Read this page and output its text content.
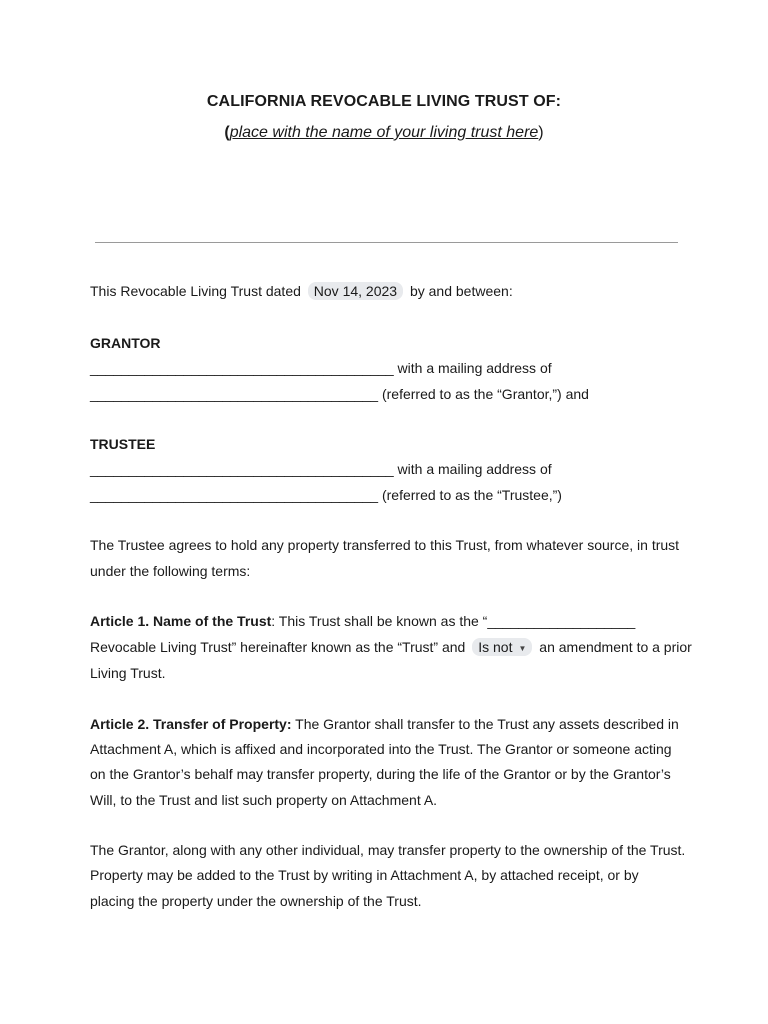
CALIFORNIA REVOCABLE LIVING TRUST OF:
(place with the name of your living trust here)
This Revocable Living Trust dated Nov 14, 2023 by and between:
GRANTOR
_______________________________________ with a mailing address of
_____________________________________ (referred to as the “Grantor,”) and
TRUSTEE
_______________________________________ with a mailing address of
_____________________________________ (referred to as the “Trustee,”)
The Trustee agrees to hold any property transferred to this Trust, from whatever source, in trust
under the following terms:
Article 1. Name of the Trust: This Trust shall be known as the “___________________
Revocable Living Trust” hereinafter known as the “Trust” and Is not ▼ an amendment to a prior
Living Trust.
Article 2. Transfer of Property: The Grantor shall transfer to the Trust any assets described in
Attachment A, which is affixed and incorporated into the Trust. The Grantor or someone acting
on the Grantor’s behalf may transfer property, during the life of the Grantor or by the Grantor’s
Will, to the Trust and list such property on Attachment A.
The Grantor, along with any other individual, may transfer property to the ownership of the Trust.
Property may be added to the Trust by writing in Attachment A, by attached receipt, or by
placing the property under the ownership of the Trust.
